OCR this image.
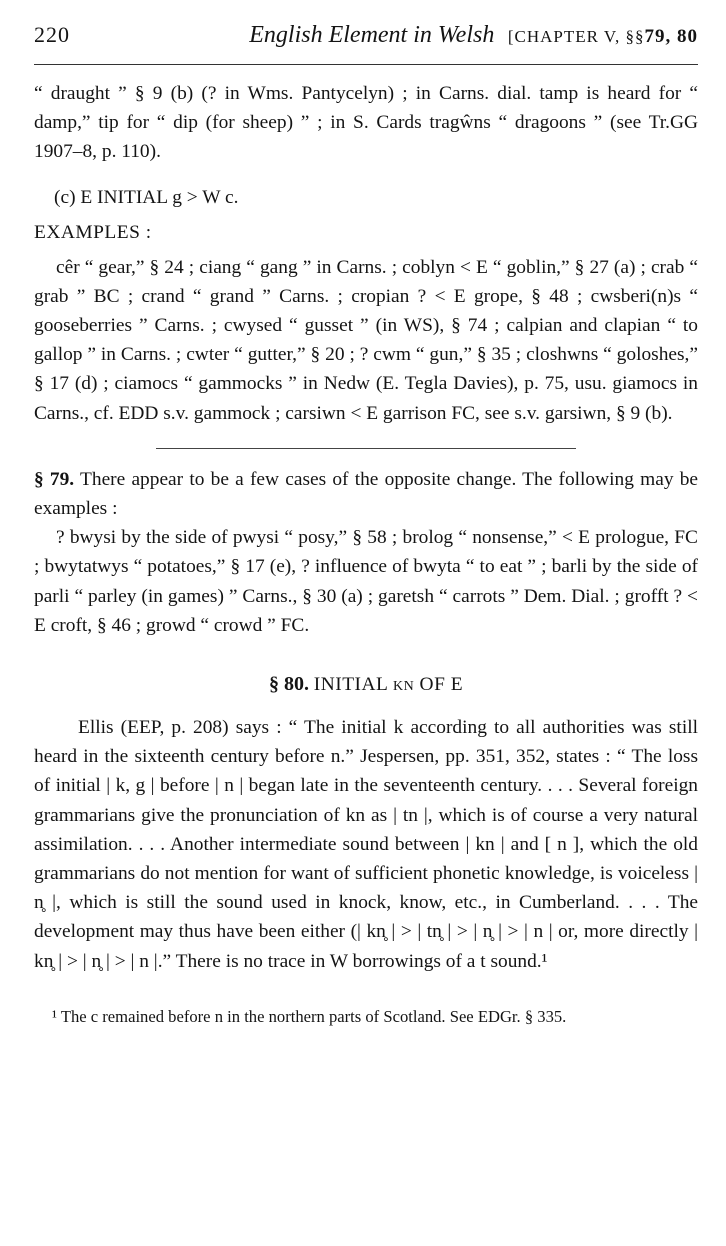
220	English Element in Welsh [CHAPTER V, §§79, 80

“ draught ” § 9 (b) (? in Wms. Pantycelyn) ; in Carns. dial. tamp is heard for “ damp,” tip for “ dip (for sheep) ” ; in S. Cards tragŵns “ dragoons ” (see Tr.GG 1907–8, p. 110).

(c) E INITIAL g > W c.
EXAMPLES :

cêr “ gear,” § 24 ; ciang “ gang ” in Carns. ; coblyn < E “ goblin,” § 27 (a) ; crab “ grab ” BC ; crand “ grand ” Carns. ; cropian ? < E grope, § 48 ; cwsberi(n)s “ gooseberries ” Carns. ; cwysed “ gusset ” (in WS), § 74 ; calpian and clapian “ to gallop ” in Carns. ; cwter “ gutter,” § 20 ; ? cwm “ gun,” § 35 ; closhwns “ goloshes,” § 17 (d) ; ciamocs “ gammocks ” in Nedw (E. Tegla Davies), p. 75, usu. giamocs in Carns., cf. EDD s.v. gammock ; carsiwn < E garrison FC, see s.v. garsiwn, § 9 (b).

§ 79. There appear to be a few cases of the opposite change. The following may be examples :

? bwysi by the side of pwysi “ posy,” § 58 ; brolog “ nonsense,” < E prologue, FC ; bwytatwys “ potatoes,” § 17 (e), ? influence of bwyta “ to eat ” ; barli by the side of parli “ parley (in games) ” Carns., § 30 (a) ; garetsh “ carrots ” Dem. Dial. ; grofft ? < E croft, § 46 ; growd “ crowd ” FC.

§ 80. INITIAL kn OF E

Ellis (EEP, p. 208) says : “ The initial k according to all authorities was still heard in the sixteenth century before n.” Jespersen, pp. 351, 352, states : “ The loss of initial | k, g | before | n | began late in the seventeenth century. . . . Several foreign grammarians give the pronunciation of kn as | tn |, which is of course a very natural assimilation. . . . Another intermediate sound between | kn | and [ n ], which the old grammarians do not mention for want of sufficient phonetic knowledge, is voiceless | n̥ |, which is still the sound used in knock, know, etc., in Cumberland. . . . The development may thus have been either (| kn̥ | > | tn̥ | > | n̥ | > | n | or, more directly | kn̥ | > | n̥ | > | n |.” There is no trace in W borrowings of a t sound.¹

¹ The c remained before n in the northern parts of Scotland. See EDGr. § 335.
